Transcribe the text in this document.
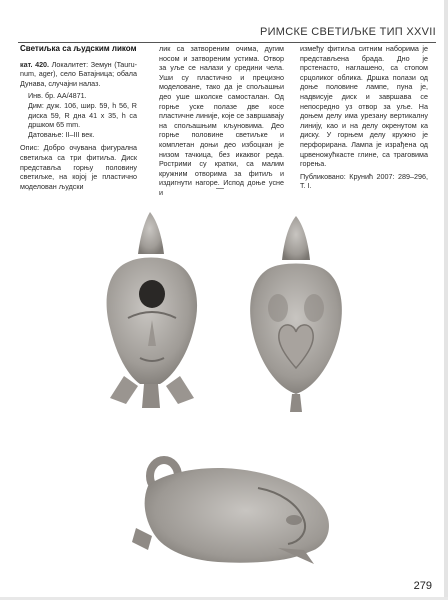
РИМСКЕ СВЕТИЉКЕ ТИП XXVII

Светиљка са људским ликом

кат. 420. Локалитет: Земун (Tauru-num, ager), село Батајница; обала Дунава, случајни налаз.

Инв. бр. АА/4871.

Дим: дуж. 106, шир. 59, h 56, R диска 59, R дна 41 x 35, h са дршком 65 mm.

Датовање: II–III век.

Опис: Добро очувана фигурална светиљка са три фитиља. Диск представља горњу половину светиљке, на којој је пластично моделован људски

лик са затвореним очима, дугим носом и затвореним устима. Отвор за уље се налази у средини чела. Уши су пластично и прецизно моделоване, тако да је спољашњи део уше школске самосталан. Од горње уске полазе две косе пластичне линије, које се завршавају на спољашњим кљуновима. Део горње половине светиљке и комплетан доњи део избоцкан је низом тачкица, без икаквог реда. Рострими су кратки, са малим кружним отворима за фитиљ и издигнути нагоре. Испод доње усне и

између фитиља ситним наборима је представљена брада. Дно је прстенасто, наглашено, са стопом срцоликог облика. Дршка полази од доње половине лампе, пуна је, надвисује диск и завршава се непосредно уз отвор за уље. На доњем делу има урезану вертикалну линију, као и на делу окренутом ка диску. У горњем делу кружно је перфорирана. Лампа је израђена од црвеножућкасте глине, са траговима горења.

Публиковано: Крунић 2007: 289–296, Т. I.

279
